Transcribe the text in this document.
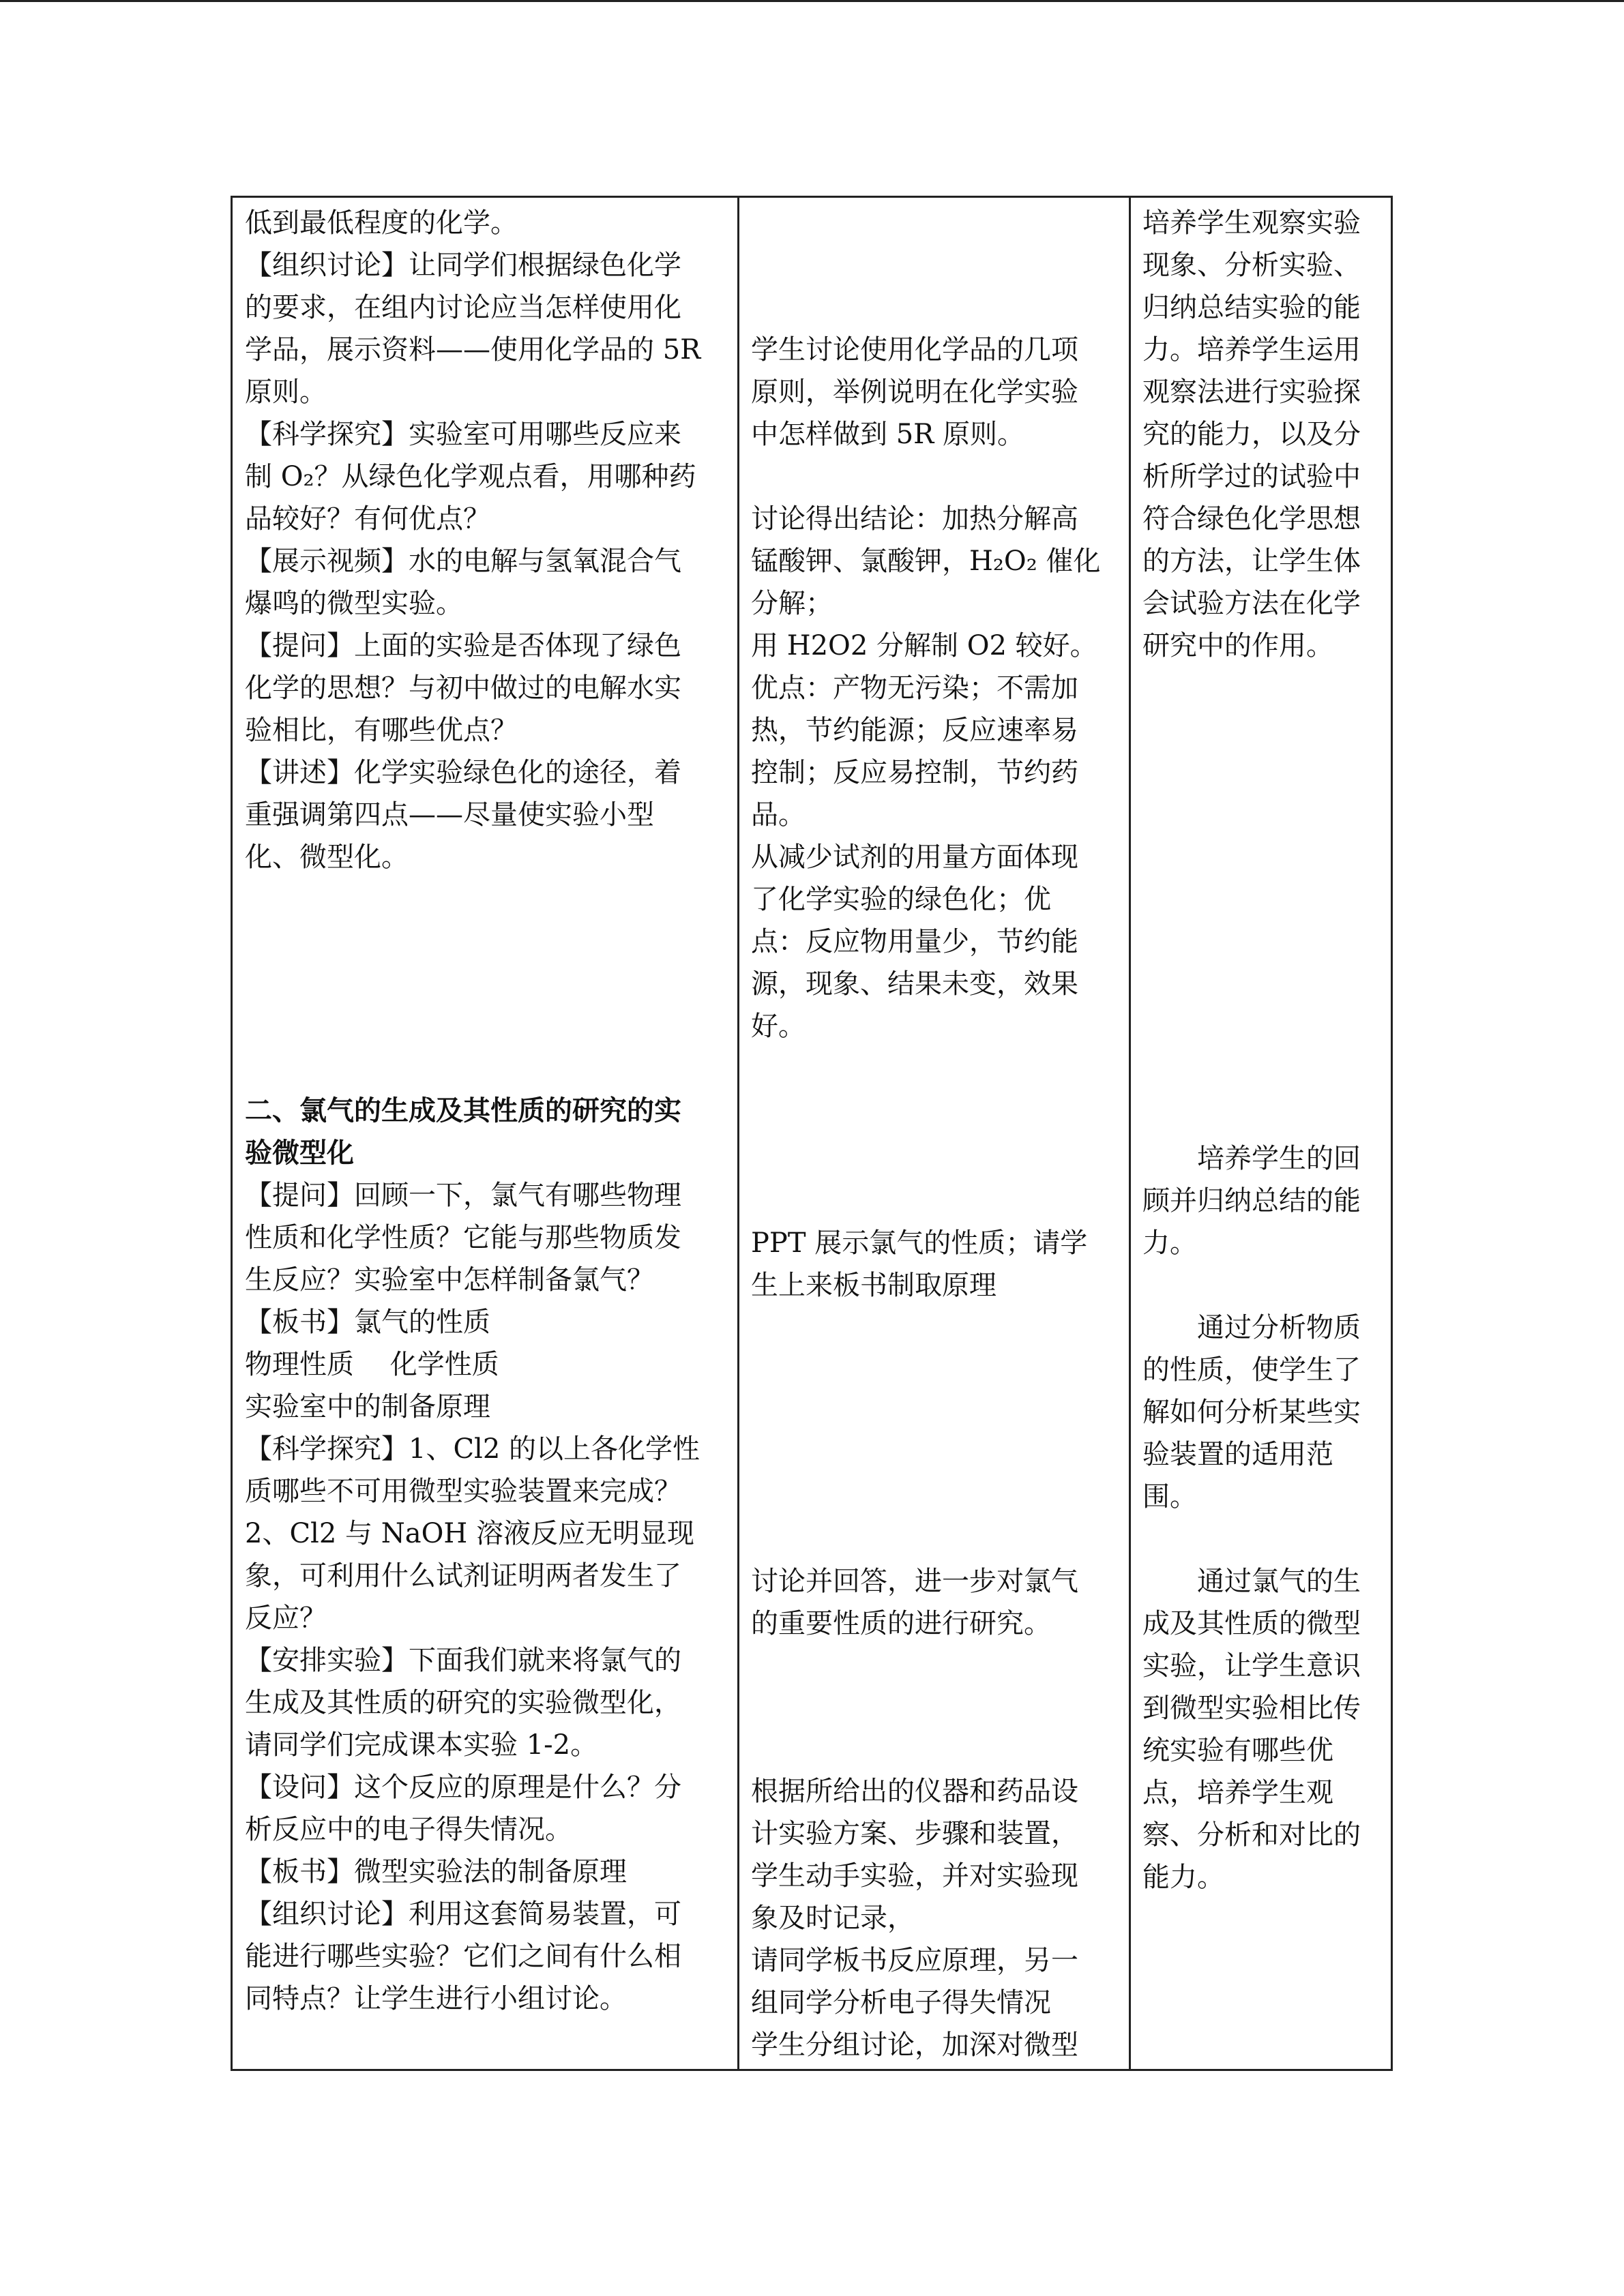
低到最低程度的化学。

【组织讨论】让同学们根据绿色化学

的要求，在组内讨论应当怎样使用化

学品，展示资料——使用化学品的 5R

原则。

【科学探究】实验室可用哪些反应来

制 O₂？从绿色化学观点看，用哪种药

品较好？有何优点？

【展示视频】水的电解与氢氧混合气

爆鸣的微型实验。

【提问】上面的实验是否体现了绿色

化学的思想？与初中做过的电解水实

验相比，有哪些优点？

【讲述】化学实验绿色化的途径，着

重强调第四点——尽量使实验小型

化、微型化。

二、氯气的生成及其性质的研究的实

验微型化

【提问】回顾一下，氯气有哪些物理

性质和化学性质？它能与那些物质发

生反应？实验室中怎样制备氯气？

【板书】氯气的性质

物理性质　 化学性质

实验室中的制备原理

【科学探究】1、Cl2 的以上各化学性

质哪些不可用微型实验装置来完成？

2、Cl2 与 NaOH 溶液反应无明显现

象，可利用什么试剂证明两者发生了

反应？

【安排实验】下面我们就来将氯气的

生成及其性质的研究的实验微型化，

请同学们完成课本实验 1-2。

【设问】这个反应的原理是什么？分

析反应中的电子得失情况。

【板书】微型实验法的制备原理

【组织讨论】利用这套简易装置，可

能进行哪些实验？它们之间有什么相

同特点？让学生进行小组讨论。

学生讨论使用化学品的几项

原则，举例说明在化学实验

中怎样做到 5R 原则。

讨论得出结论：加热分解高

锰酸钾、氯酸钾，H₂O₂ 催化

分解；

用 H2O2 分解制 O2 较好。

优点：产物无污染；不需加

热，节约能源；反应速率易

控制；反应易控制，节约药

品。

从减少试剂的用量方面体现

了化学实验的绿色化；优

点：反应物用量少，节约能

源，现象、结果未变，效果

好。

PPT 展示氯气的性质；请学

生上来板书制取原理

讨论并回答，进一步对氯气

的重要性质的进行研究。

根据所给出的仪器和药品设

计实验方案、步骤和装置，

学生动手实验，并对实验现

象及时记录，

请同学板书反应原理，另一

组同学分析电子得失情况

学生分组讨论，加深对微型

培养学生观察实验

现象、分析实验、

归纳总结实验的能

力。培养学生运用

观察法进行实验探

究的能力，以及分

析所学过的试验中

符合绿色化学思想

的方法，让学生体

会试验方法在化学

研究中的作用。

　　培养学生的回

顾并归纳总结的能

力。

　　通过分析物质

的性质，使学生了

解如何分析某些实

验装置的适用范

围。

　　通过氯气的生

成及其性质的微型

实验，让学生意识

到微型实验相比传

统实验有哪些优

点，培养学生观

察、分析和对比的

能力。
